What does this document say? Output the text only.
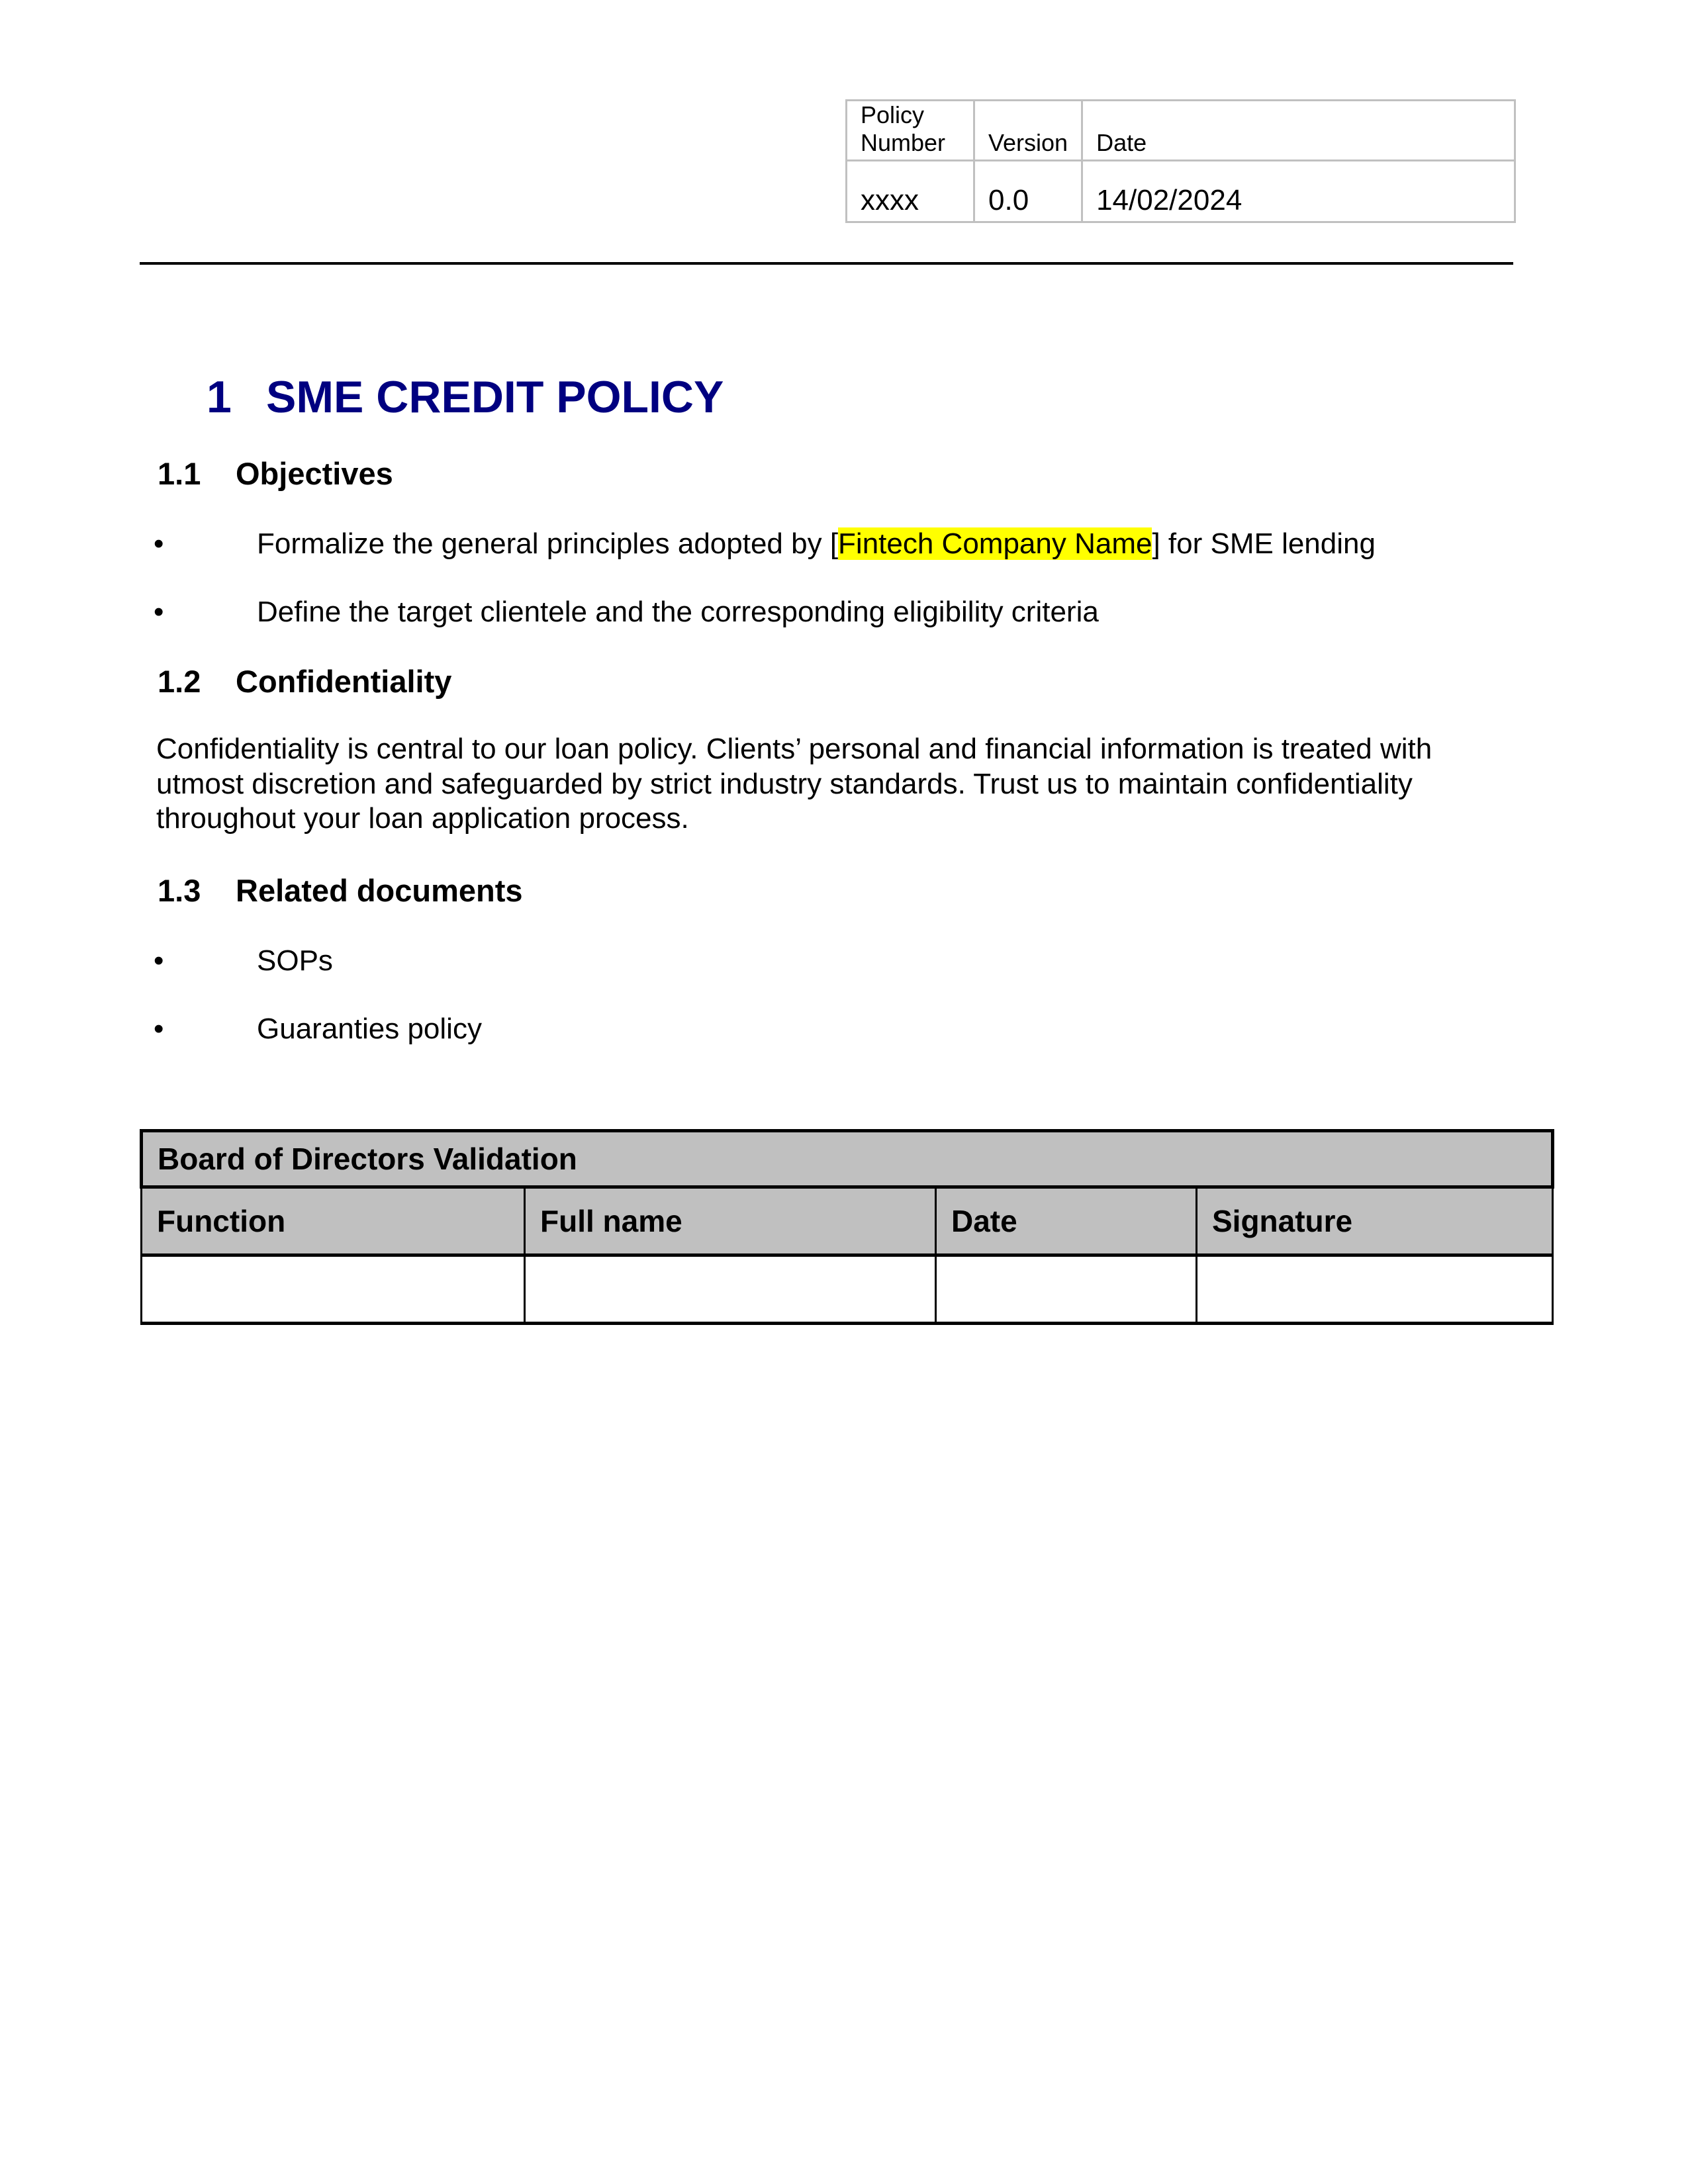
Policy Number	Version	Date
xxxx	0.0	14/02/2024
1 SME CREDIT POLICY
1.1 Objectives
•	Formalize the general principles adopted by [Fintech Company Name] for SME lending
•	Define the target clientele and the corresponding eligibility criteria
1.2 Confidentiality
Confidentiality is central to our loan policy. Clients’ personal and financial information is treated with
utmost discretion and safeguarded by strict industry standards. Trust us to maintain confidentiality
throughout your loan application process.
1.3 Related documents
•	SOPs
•	Guaranties policy
Board of Directors Validation			
Function	Full name	Date	Signature
